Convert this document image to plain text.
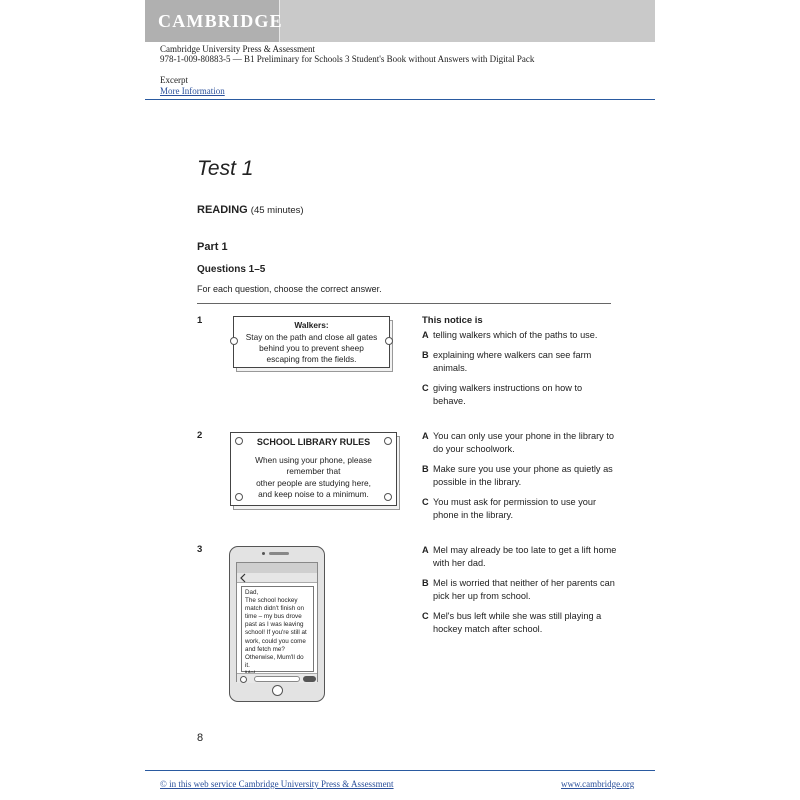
CAMBRIDGE
Cambridge University Press & Assessment
978-1-009-80883-5 — B1 Preliminary for Schools 3 Student's Book without Answers with Digital Pack
Excerpt
More Information
Test 1
READING (45 minutes)
Part 1
Questions 1–5
For each question, choose the correct answer.
1	Walkers:
Stay on the path and close all gates
behind you to prevent sheep
escaping from the fields.
This notice is
A telling walkers which of the paths to use.
B explaining where walkers can see farm animals.
C giving walkers instructions on how to behave.
2
SCHOOL LIBRARY RULES
When using your phone, please
remember that
other people are studying here,
and keep noise to a minimum.
A You can only use your phone in the library to do your schoolwork.
B Make sure you use your phone as quietly as possible in the library.
C You must ask for permission to use your phone in the library.
3
Dad,
The school hockey
match didn't finish on
time – my bus drove
past as I was leaving
school! If you're still at
work, could you come
and fetch me?
Otherwise, Mum'll do it.
A Mel may already be too late to get a lift home with her dad.
B Mel is worried that neither of her parents can pick her up from school.
C Mel's bus left while she was still playing a hockey match after school.
8
© in this web service Cambridge University Press & Assessment	www.cambridge.org
